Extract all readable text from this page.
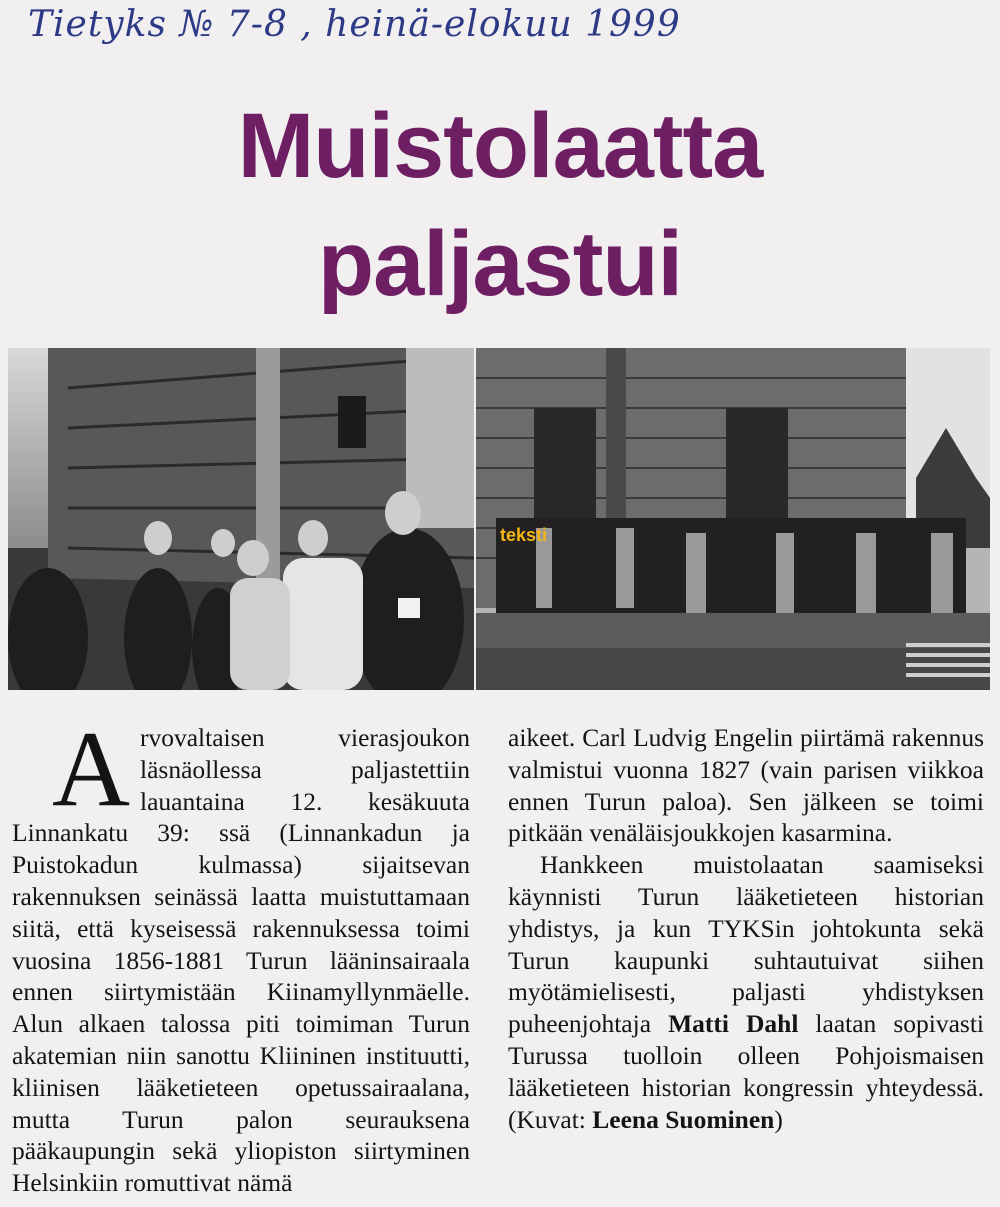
Tietyks № 7-8 , heinä-elokuu 1999
Muistolaatta
paljastui
teksti
A rvovaltaisen vierasjoukon läsnäollessa paljastettiin lauantaina 12. kesäkuuta Linnankatu 39: ssä (Linnankadun ja Puistokadun kulmassa) sijaitsevan rakennuksen seinässä laatta muistuttamaan siitä, että kyseisessä rakennuksessa toimi vuosina 1856-1881 Turun lääninsairaala ennen siirtymistään Kiinamyllynmäelle. Alun alkaen talossa piti toimiman Turun akatemian niin sanottu Kliininen instituutti, kliinisen lääketieteen opetussairaalana, mutta Turun palon seurauksena pääkaupungin sekä yliopiston siirtyminen Helsinkiin romuttivat nämä

aikeet. Carl Ludvig Engelin piirtämä rakennus valmistui vuonna 1827 (vain parisen viikkoa ennen Turun paloa). Sen jälkeen se toimi pitkään venäläisjoukkojen kasarmina.

Hankkeen muistolaatan saamiseksi käynnisti Turun lääketieteen historian yhdistys, ja kun TYKSin johtokunta sekä Turun kaupunki suhtautuivat siihen myötämielisesti, paljasti yhdistyksen puheenjohtaja Matti Dahl laatan sopivasti Turussa tuolloin olleen Pohjoismaisen lääketieteen historian kongressin yhteydessä. (Kuvat: Leena Suominen)
